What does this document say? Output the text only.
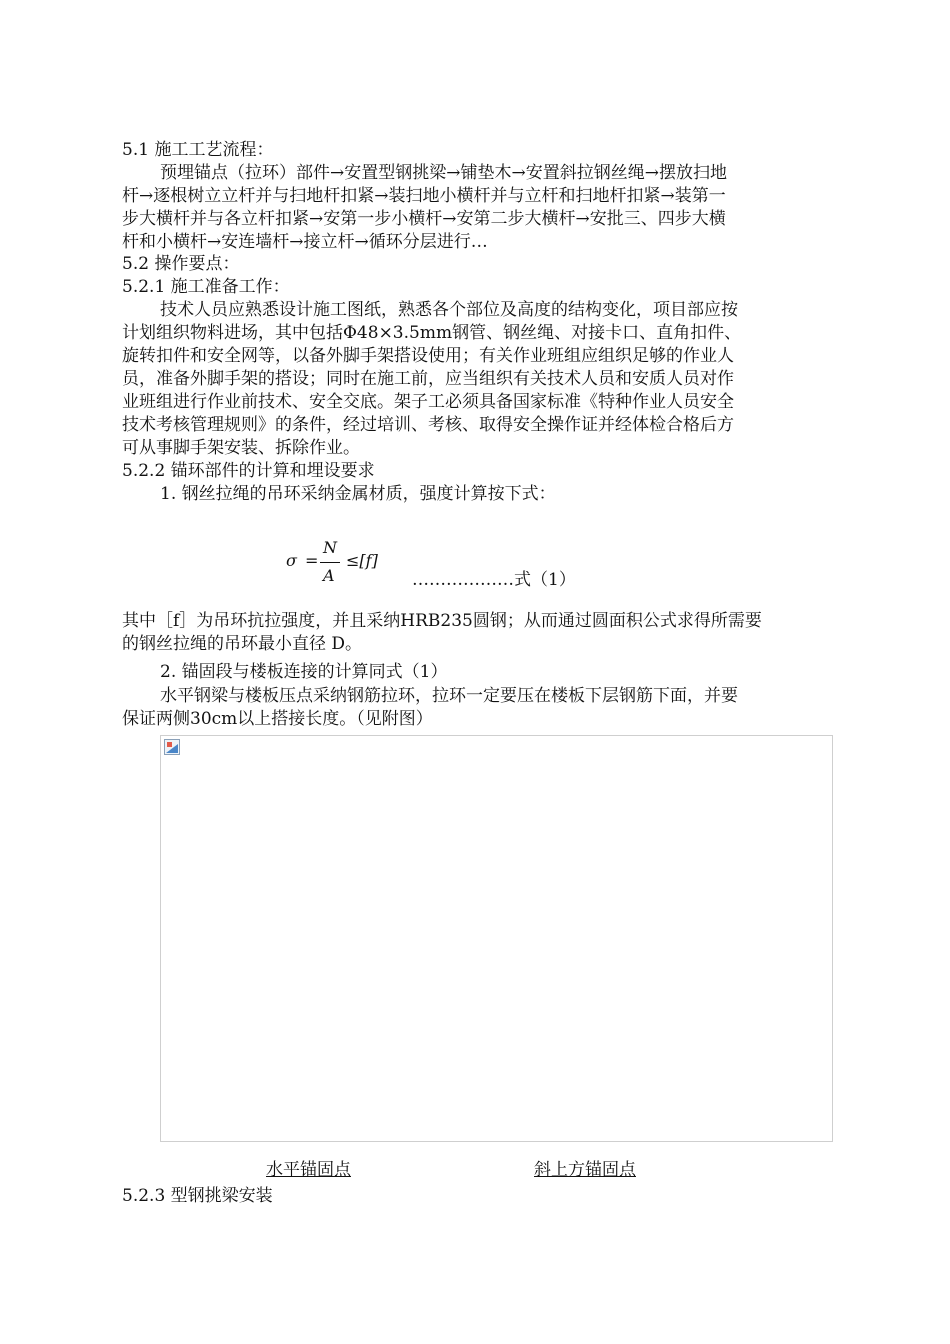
5.1 施工工艺流程：
预埋锚点（拉环）部件→安置型钢挑梁→铺垫木→安置斜拉钢丝绳→摆放扫地
杆→逐根树立立杆并与扫地杆扣紧→装扫地小横杆并与立杆和扫地杆扣紧→装第一
步大横杆并与各立杆扣紧→安第一步小横杆→安第二步大横杆→安批三、四步大横
杆和小横杆→安连墙杆→接立杆→循环分层进行…
5.2 操作要点：
5.2.1 施工准备工作：
技术人员应熟悉设计施工图纸，熟悉各个部位及高度的结构变化，项目部应按
计划组织物料进场，其中包括Φ48×3.5mm钢管、钢丝绳、对接卡口、直角扣件、
旋转扣件和安全网等，以备外脚手架搭设使用；有关作业班组应组织足够的作业人
员，准备外脚手架的搭设；同时在施工前，应当组织有关技术人员和安质人员对作
业班组进行作业前技术、安全交底。架子工必须具备国家标准《特种作业人员安全
技术考核管理规则》的条件，经过培训、考核、取得安全操作证并经体检合格后方
可从事脚手架安装、拆除作业。
5.2.2 锚环部件的计算和埋设要求
1. 钢丝拉绳的吊环采纳金属材质，强度计算按下式：
σ =
N
A
≤[f]
………………式（1）
其中［f］为吊环抗拉强度，并且采纳HRB235圆钢；从而通过圆面积公式求得所需要
的钢丝拉绳的吊环最小直径 D。
2. 锚固段与楼板连接的计算同式（1）
水平钢梁与楼板压点采纳钢筋拉环，拉环一定要压在楼板下层钢筋下面，并要
保证两侧30cm以上搭接长度。（见附图）
水平锚固点	斜上方锚固点
5.2.3 型钢挑梁安装
